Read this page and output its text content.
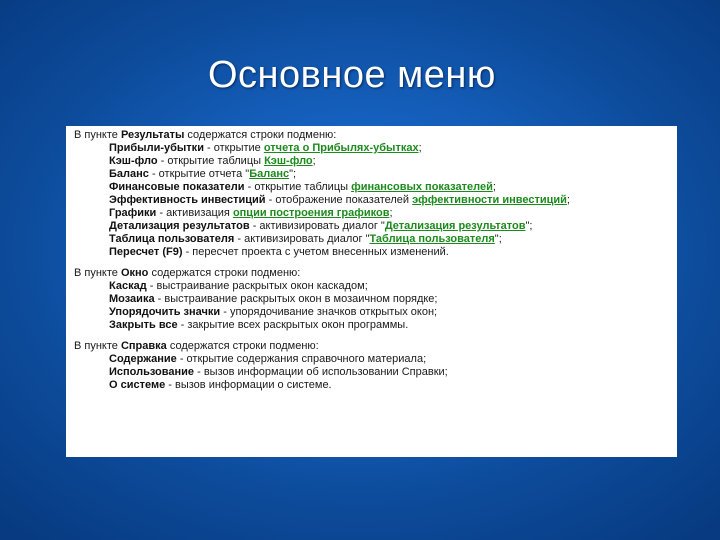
Основное меню
В пункте Результаты содержатся строки подменю:
Прибыли-убытки - открытие отчета о Прибылях-убытках;
Кэш-фло - открытие таблицы Кэш-фло;
Баланс - открытие отчета "Баланс";
Финансовые показатели - открытие таблицы финансовых показателей;
Эффективность инвестиций - отображение показателей эффективности инвестиций;
Графики - активизация опции построения графиков;
Детализация результатов - активизировать диалог "Детализация результатов";
Таблица пользователя - активизировать диалог "Таблица пользователя";
Пересчет (F9) - пересчет проекта с учетом внесенных изменений.
В пункте Окно содержатся строки подменю:
Каскад - выстраивание раскрытых окон каскадом;
Мозаика - выстраивание раскрытых окон в мозаичном порядке;
Упорядочить значки - упорядочивание значков открытых окон;
Закрыть все - закрытие всех раскрытых окон программы.
В пункте Справка содержатся строки подменю:
Содержание - открытие содержания справочного материала;
Использование - вызов информации об использовании Справки;
О системе - вызов информации о системе.
